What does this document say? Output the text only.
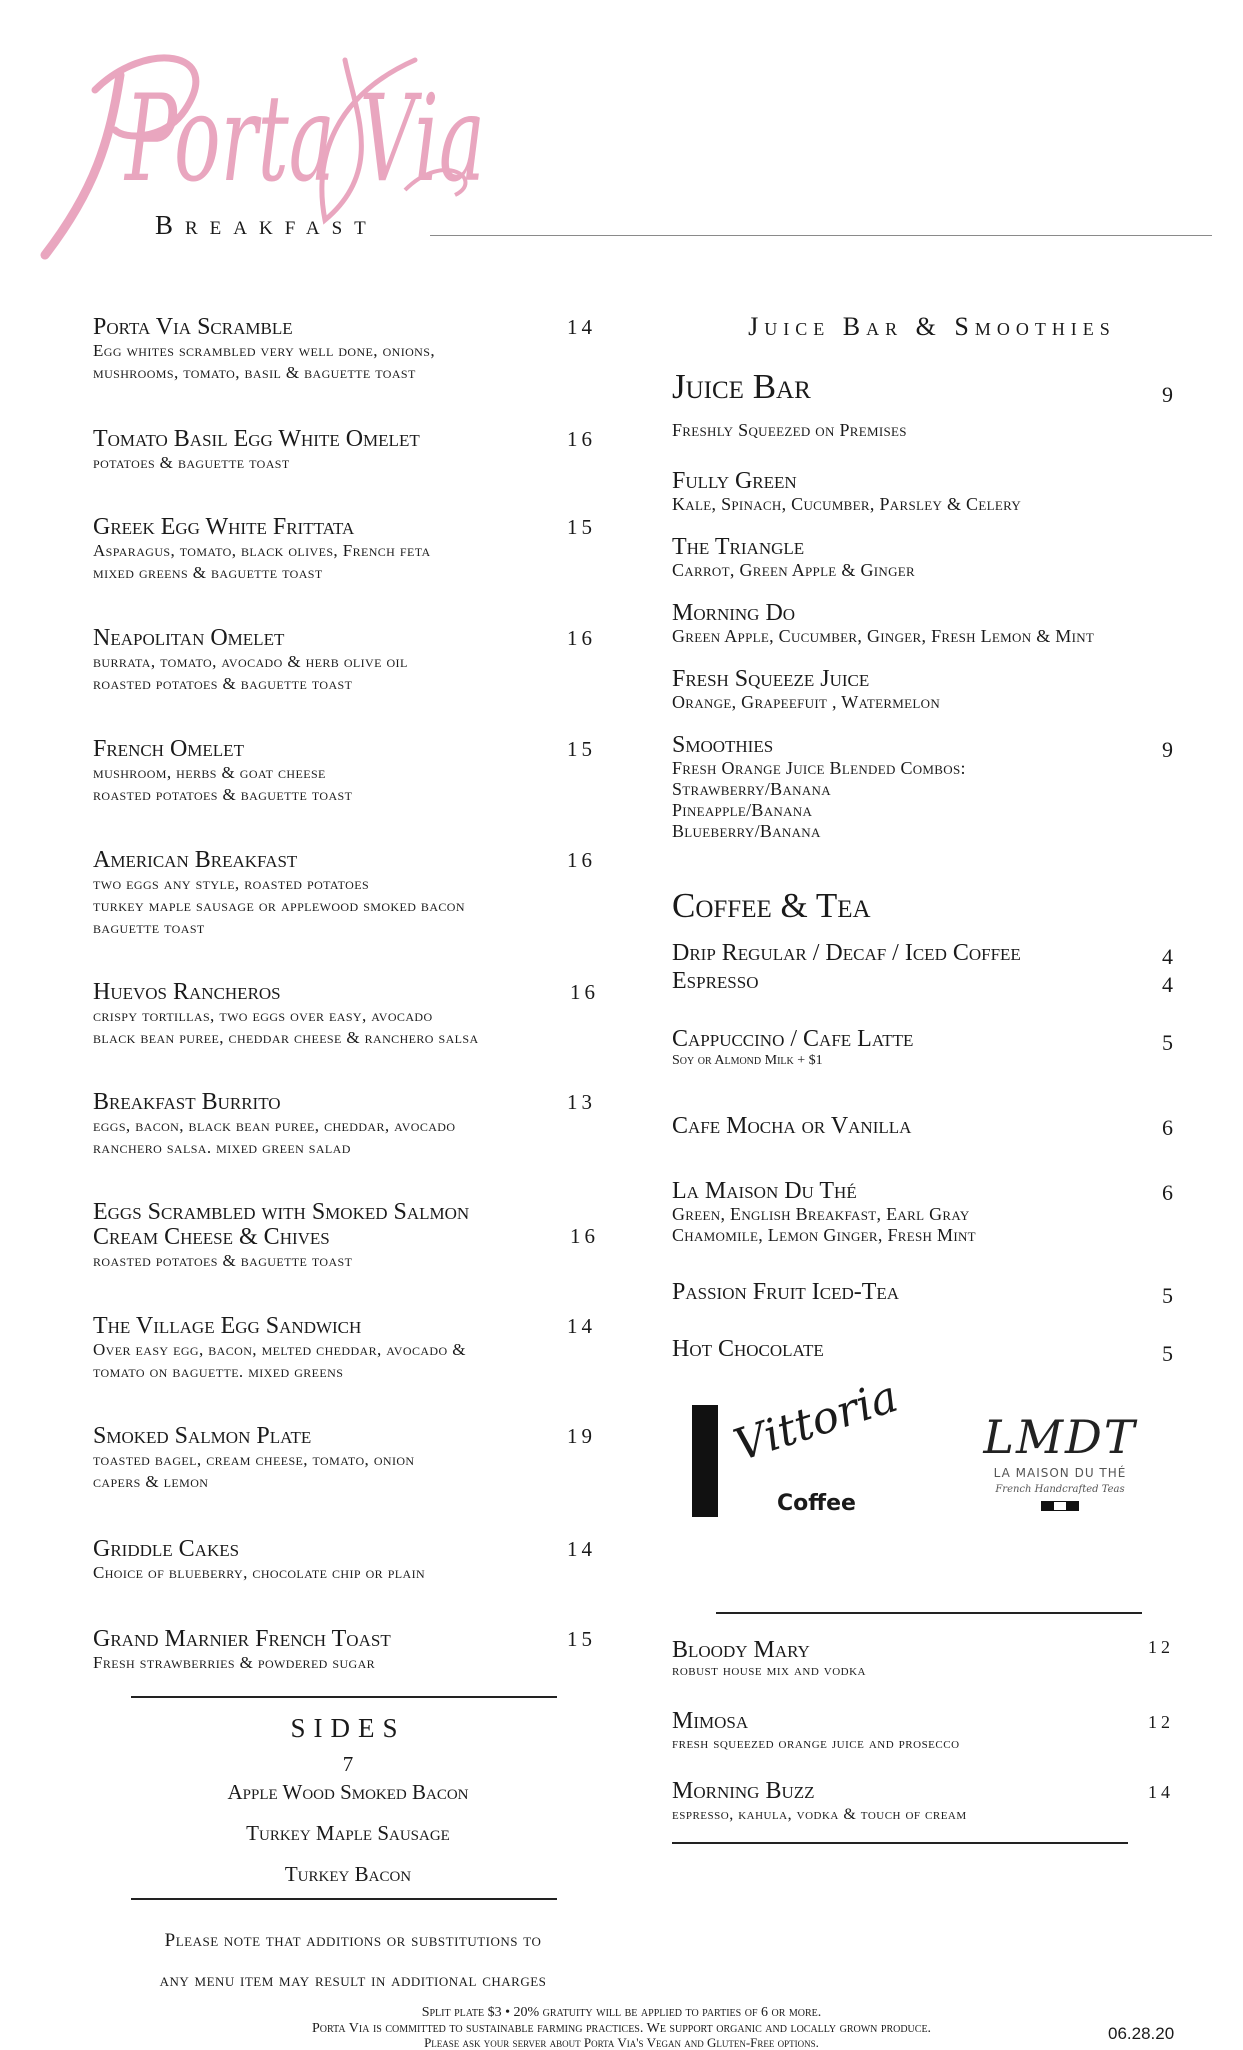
Porta Via
Breakfast
Porta Via Scramble
Egg whites scrambled very well done, onions,
mushrooms, tomato, basil & baguette toast
14
Tomato Basil Egg White Omelet
potatoes & baguette toast
16
Greek Egg White Frittata
Asparagus, tomato, black olives, French feta
mixed greens & baguette toast
15
Neapolitan Omelet
burrata, tomato, avocado & herb olive oil
roasted potatoes & baguette toast
16
French Omelet
mushroom, herbs & goat cheese
roasted potatoes & baguette toast
15
American Breakfast
two eggs any style, roasted potatoes
turkey maple sausage or applewood smoked bacon
baguette toast
16
Huevos Rancheros
crispy tortillas, two eggs over easy, avocado
black bean puree, cheddar cheese & ranchero salsa
16
Breakfast Burrito
eggs, bacon, black bean puree, cheddar, avocado
ranchero salsa. mixed green salad
13
Eggs Scrambled with Smoked Salmon
Cream Cheese & Chives
roasted potatoes & baguette toast
16
The Village Egg Sandwich
Over easy egg, bacon, melted cheddar, avocado &
tomato on baguette. mixed greens
14
Smoked Salmon Plate
toasted bagel, cream cheese, tomato, onion
capers & lemon
19
Griddle Cakes
Choice of blueberry, chocolate chip or plain
14
Grand Marnier French Toast
Fresh strawberries & powdered sugar
15
SIDES
7
Apple Wood Smoked Bacon
Turkey Maple Sausage
Turkey Bacon
Please note that additions or substitutions to
any menu item may result in additional charges
Juice Bar & Smoothies
Juice Bar	9
Freshly Squeezed on Premises
Fully Green
Kale, Spinach, Cucumber, Parsley & Celery
The Triangle
Carrot, Green Apple & Ginger
Morning Do
Green Apple, Cucumber, Ginger, Fresh Lemon & Mint
Fresh Squeeze Juice
Orange, Grapeefuit , Watermelon
Smoothies	9
Fresh Orange Juice Blended Combos:
Strawberry/Banana
Pineapple/Banana
Blueberry/Banana
Coffee & Tea
Drip Regular / Decaf / Iced Coffee	4
Espresso	4
Cappuccino / Cafe Latte	5
Soy or Almond Milk + $1
Cafe Mocha or Vanilla	6
La Maison Du Thé	6
Green, English Breakfast, Earl Gray
Chamomile, Lemon Ginger, Fresh Mint
Passion Fruit Iced-Tea	5
Hot Chocolate	5
Vittoria
Coffee
LMDT
LA MAISON DU THÉ
French Handcrafted Teas
Bloody Mary	12
robust house mix and vodka
Mimosa	12
fresh squeezed orange juice and prosecco
Morning Buzz	14
espresso, kahula, vodka & touch of cream
Split plate $3 • 20% gratuity will be applied to parties of 6 or more.
Porta Via is committed to sustainable farming practices. We support organic and locally grown produce.
Please ask your server about Porta Via's Vegan and Gluten-Free options.	06.28.20
